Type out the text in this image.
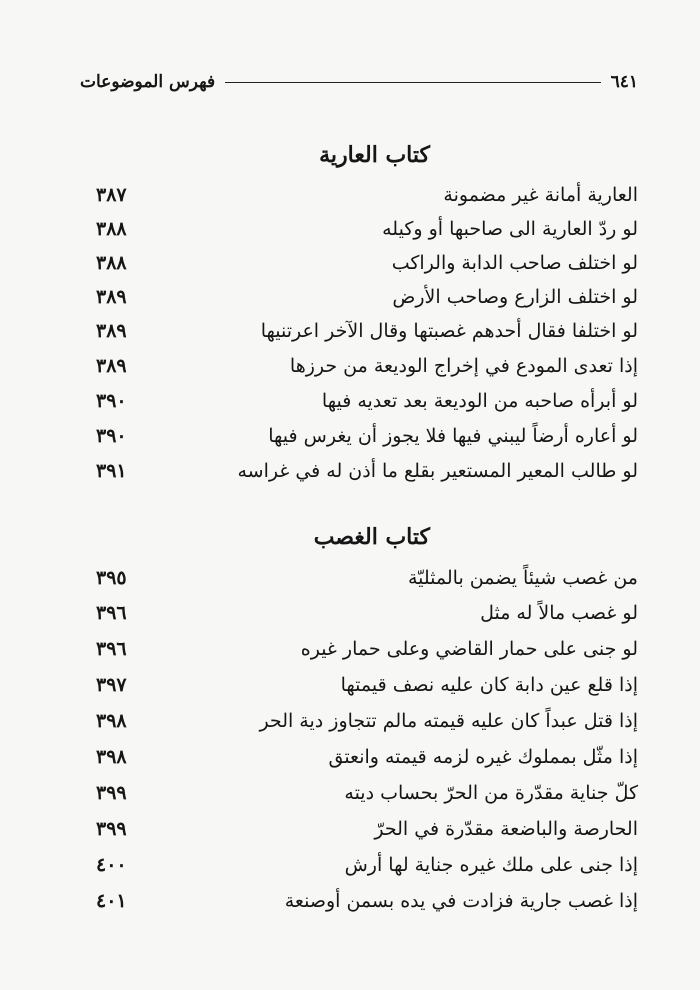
فهرس الموضوعات	٦٤١
كتاب العارية
٣٨٧	العارية أمانة غير مضمونة
٣٨٨	لو ردّ العارية الى صاحبها أو وكيله
٣٨٨	لو اختلف صاحب الدابة والراكب
٣٨٩	لو اختلف الزارع وصاحب الأرض
٣٨٩	لو اختلفا فقال أحدهم غصبتها وقال الآخر اعرتنيها
٣٨٩	إذا تعدى المودع في إخراج الوديعة من حرزها
٣٩٠	لو أبرأه صاحبه من الوديعة بعد تعديه فيها
٣٩٠	لو أعاره أرضاً ليبني فيها فلا يجوز أن يغرس فيها
٣٩١	لو طالب المعير المستعير بقلع ما أذن له في غراسه
كتاب الغصب
٣٩٥	من غصب شيئاً يضمن بالمثليّة
٣٩٦	لو غصب مالاً له مثل
٣٩٦	لو جنى على حمار القاضي وعلى حمار غيره
٣٩٧	إذا قلع عين دابة كان عليه نصف قيمتها
٣٩٨	إذا قتل عبداً كان عليه قيمته مالم تتجاوز دية الحر
٣٩٨	إذا مثّل بمملوك غيره لزمه قيمته وانعتق
٣٩٩	كلّ جناية مقدّرة من الحرّ بحساب ديته
٣٩٩	الحارصة والباضعة مقدّرة في الحرّ
٤٠٠	إذا جنى على ملك غيره جناية لها أرش
٤٠١	إذا غصب جارية فزادت في يده بسمن أوصنعة
